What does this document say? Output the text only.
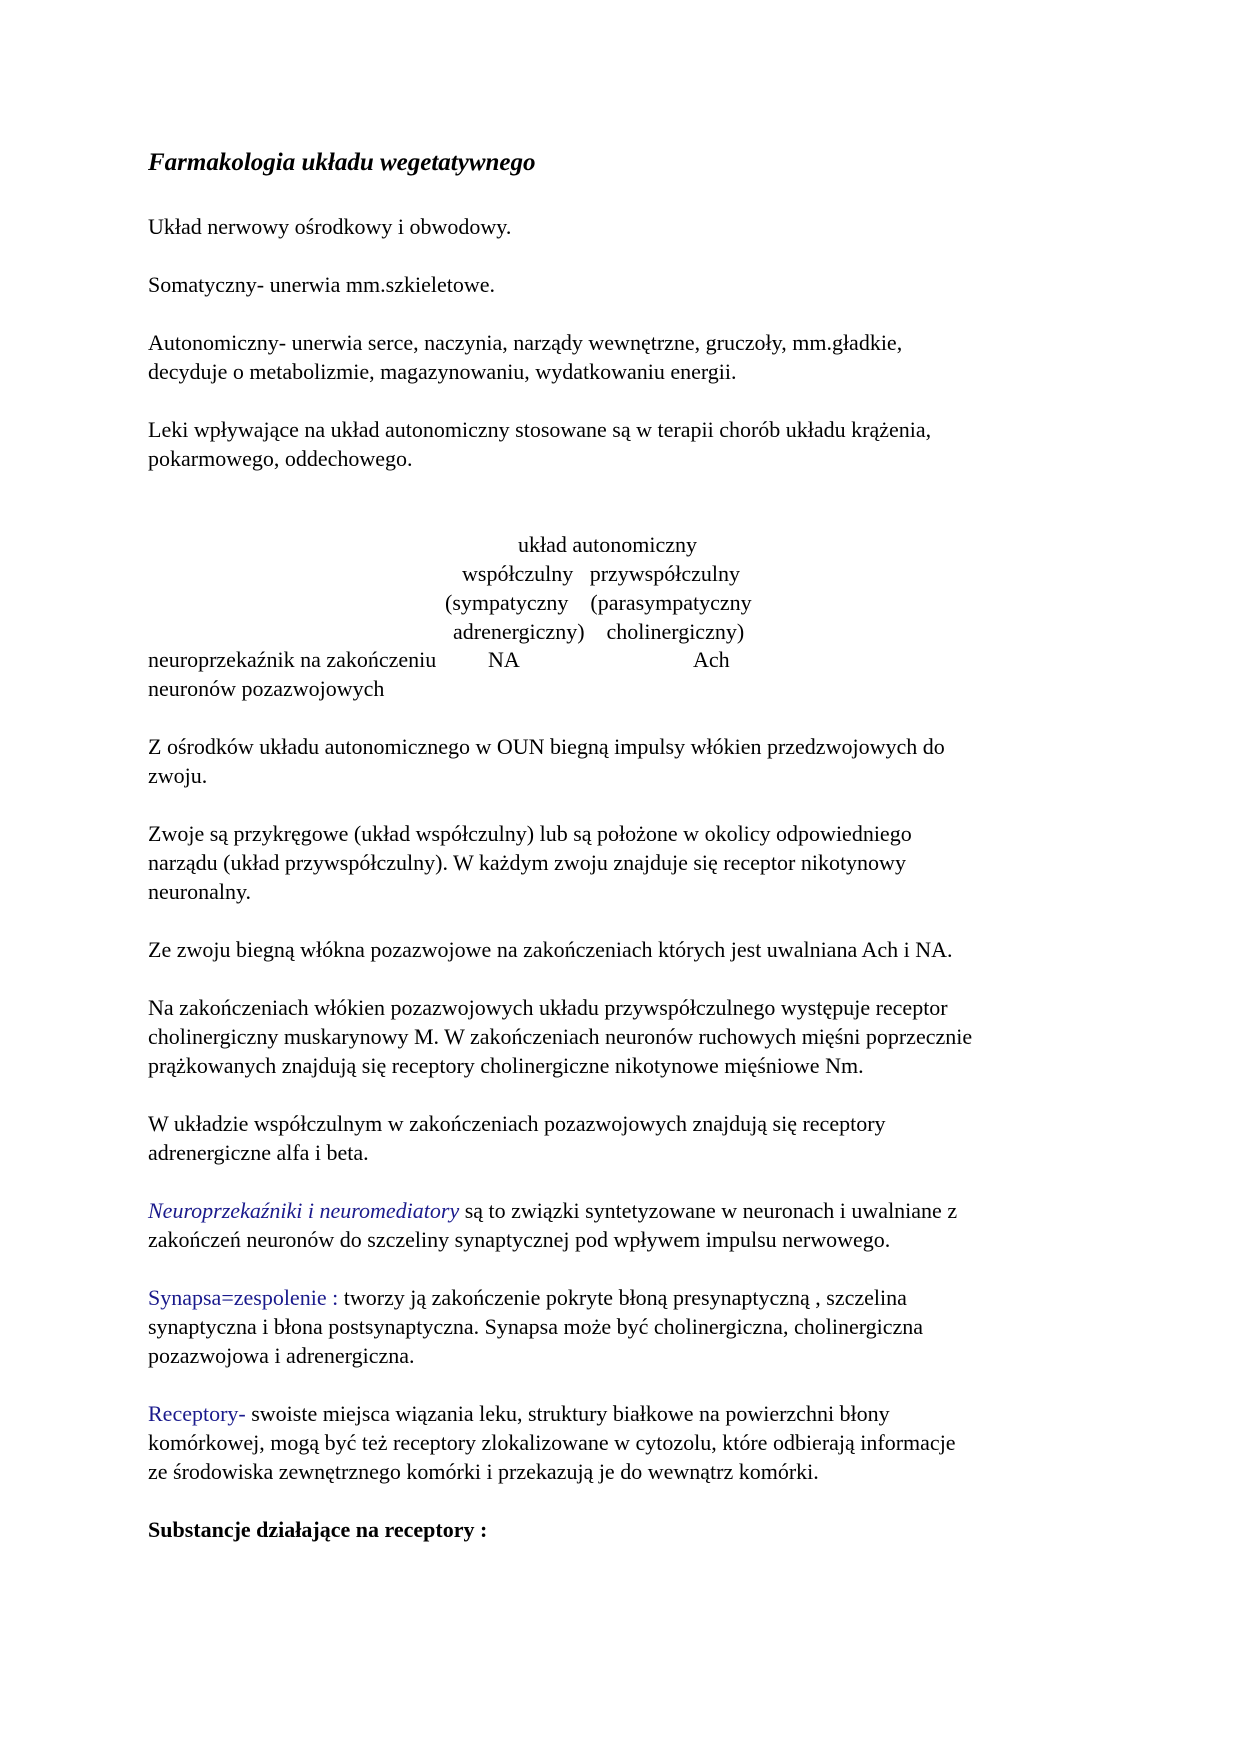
Farmakologia układu wegetatywnego
Układ nerwowy ośrodkowy i obwodowy.
Somatyczny- unerwia mm.szkieletowe.
Autonomiczny- unerwia serce, naczynia, narządy wewnętrzne, gruczoły, mm.gładkie,
decyduje o metabolizmie, magazynowaniu, wydatkowaniu energii.
Leki wpływające na układ autonomiczny stosowane są w terapii chorób układu krążenia,
pokarmowego, oddechowego.
układ autonomiczny
współczulny   przywspółczulny
(sympatyczny    (parasympatyczny
adrenergiczny)    cholinergiczny)
neuroprzekaźnik na zakończeniu NA	Ach
neuronów pozazwojowych
Z ośrodków układu autonomicznego w OUN biegną impulsy włókien przedzwojowych do
zwoju.
Zwoje są przykręgowe (układ współczulny) lub są położone w okolicy odpowiedniego
narządu (układ przywspółczulny). W każdym zwoju znajduje się receptor nikotynowy
neuronalny.
Ze zwoju biegną włókna pozazwojowe na zakończeniach których jest uwalniana Ach i NA.
Na zakończeniach włókien pozazwojowych układu przywspółczulnego występuje receptor
cholinergiczny muskarynowy M. W zakończeniach neuronów ruchowych mięśni poprzecznie
prążkowanych znajdują się receptory cholinergiczne nikotynowe mięśniowe Nm.
W układzie współczulnym w zakończeniach pozazwojowych znajdują się receptory
adrenergiczne alfa i beta.
Neuroprzekaźniki i neuromediatory są to związki syntetyzowane w neuronach i uwalniane z
zakończeń neuronów do szczeliny synaptycznej pod wpływem impulsu nerwowego.
Synapsa=zespolenie : tworzy ją zakończenie pokryte błoną presynaptyczną , szczelina
synaptyczna i błona postsynaptyczna. Synapsa może być cholinergiczna, cholinergiczna
pozazwojowa i adrenergiczna.
Receptory- swoiste miejsca wiązania leku, struktury białkowe na powierzchni błony
komórkowej, mogą być też receptory zlokalizowane w cytozolu, które odbierają informacje
ze środowiska zewnętrznego komórki i przekazują je do wewnątrz komórki.
Substancje działające na receptory :
